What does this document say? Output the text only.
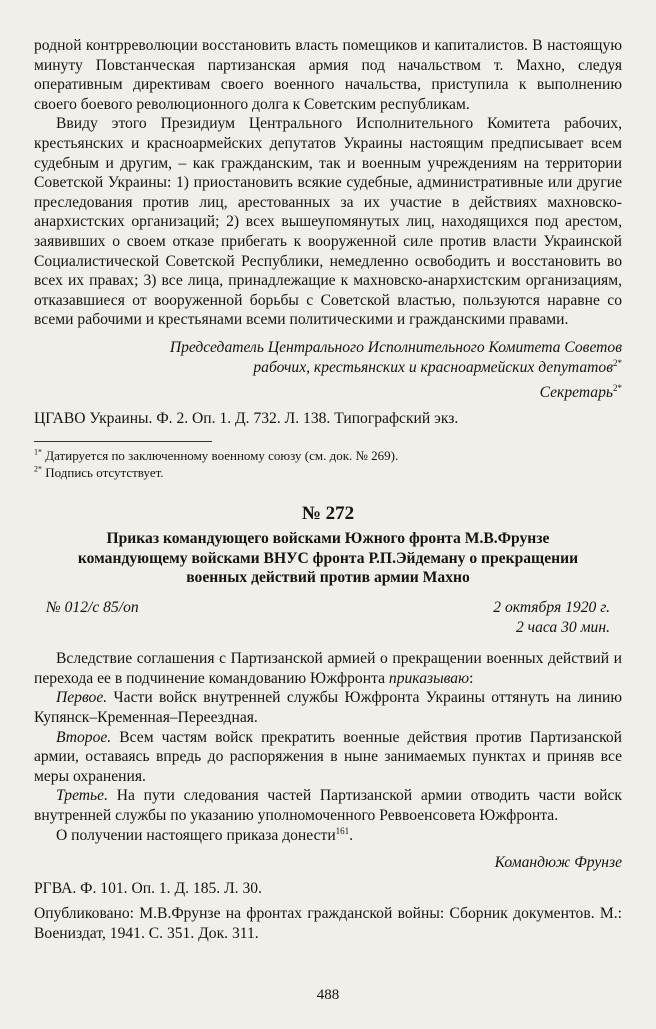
родной контрреволюции восстановить власть помещиков и капиталистов. В настоящую минуту Повстанческая партизанская армия под начальством т. Махно, следуя оперативным директивам своего военного начальства, приступила к выполнению своего боевого революционного долга к Советским республикам.

Ввиду этого Президиум Центрального Исполнительного Комитета рабочих, крестьянских и красноармейских депутатов Украины настоящим предписывает всем судебным и другим, – как гражданским, так и военным учреждениям на территории Советской Украины: 1) приостановить всякие судебные, административные или другие преследования против лиц, арестованных за их участие в действиях махновско-анархистских организаций; 2) всех вышеупомянутых лиц, находящихся под арестом, заявивших о своем отказе прибегать к вооруженной силе против власти Украинской Социалистической Советской Республики, немедленно освободить и восстановить во всех их правах; 3) все лица, принадлежащие к махновско-анархистским организациям, отказавшиеся от вооруженной борьбы с Советской властью, пользуются наравне со всеми рабочими и крестьянами всеми политическими и гражданскими правами.

Председатель Центрального Исполнительного Комитета Советов
рабочих, крестьянских и красноармейских депутатов$^{2*}$
Секретарь$^{2*}$

ЦГАВО Украины. Ф. 2. Оп. 1. Д. 732. Л. 138. Типографский экз.

$^{1*}$ Датируется по заключенному военному союзу (см. док. № 269).
$^{2*}$ Подпись отсутствует.
№ 272
Приказ командующего войсками Южного фронта М.В.Фрунзе командующему войсками ВНУС фронта Р.П.Эйдеману о прекращении военных действий против армии Махно
№ 012/с 85/оп	2 октября 1920 г.
2 часа 30 мин.

Вследствие соглашения с Партизанской армией о прекращении военных действий и перехода ее в подчинение командованию Южфронта приказываю:

Первое. Части войск внутренней службы Южфронта Украины оттянуть на линию Купянск–Кременная–Переездная.

Второе. Всем частям войск прекратить военные действия против Партизанской армии, оставаясь впредь до распоряжения в ныне занимаемых пунктах и приняв все меры охранения.

Третье. На пути следования частей Партизанской армии отводить части войск внутренней службы по указанию уполномоченного Реввоенсовета Южфронта.

О получении настоящего приказа донести$^{161}$.

Командюж Фрунзе

РГВА. Ф. 101. Оп. 1. Д. 185. Л. 30.

Опубликовано: М.В.Фрунзе на фронтах гражданской войны: Сборник документов. М.: Воениздат, 1941. С. 351. Док. 311.

488
